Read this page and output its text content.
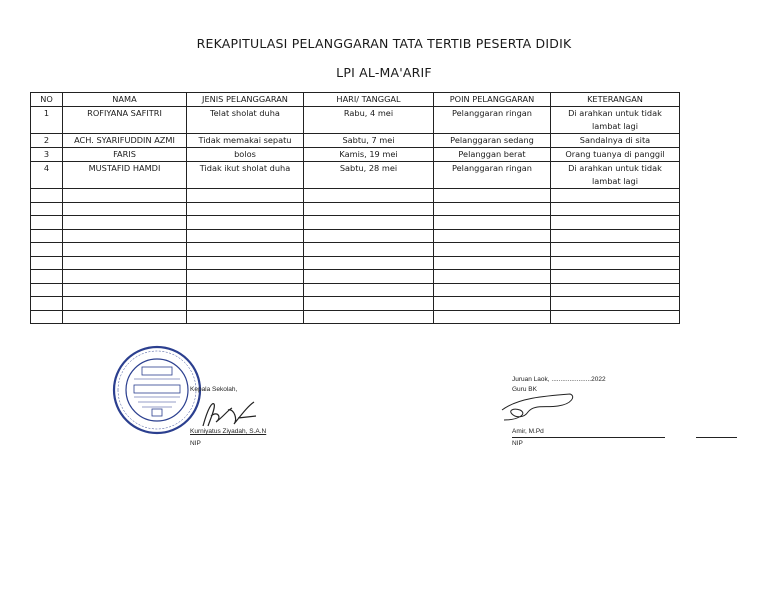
REKAPITULASI PELANGGARAN TATA TERTIB PESERTA DIDIK
LPI AL-MA'ARIF
NO	NAMA	JENIS PELANGGARAN	HARI/ TANGGAL	POIN PELANGGARAN	KETERANGAN
1	ROFIYANA SAFITRI	Telat sholat duha	Rabu, 4 mei	Pelanggaran ringan	Di arahkan untuk tidak lambat lagi
2	ACH. SYARIFUDDIN AZMI	Tidak memakai sepatu	Sabtu, 7 mei	Pelanggaran sedang	Sandalnya di sita
3	FARIS	bolos	Kamis, 19 mei	Pelanggan berat	Orang tuanya di panggil
4	MUSTAFID HAMDI	Tidak ikut sholat duha	Sabtu, 28 mei	Pelanggaran ringan	Di arahkan untuk tidak lambat lagi

Kepala Sekolah,
Kurniyatus Ziyadah, S.A.N
NIP
Juruan Laok, ......................2022
Guru BK
Amir, M.Pd
NIP
